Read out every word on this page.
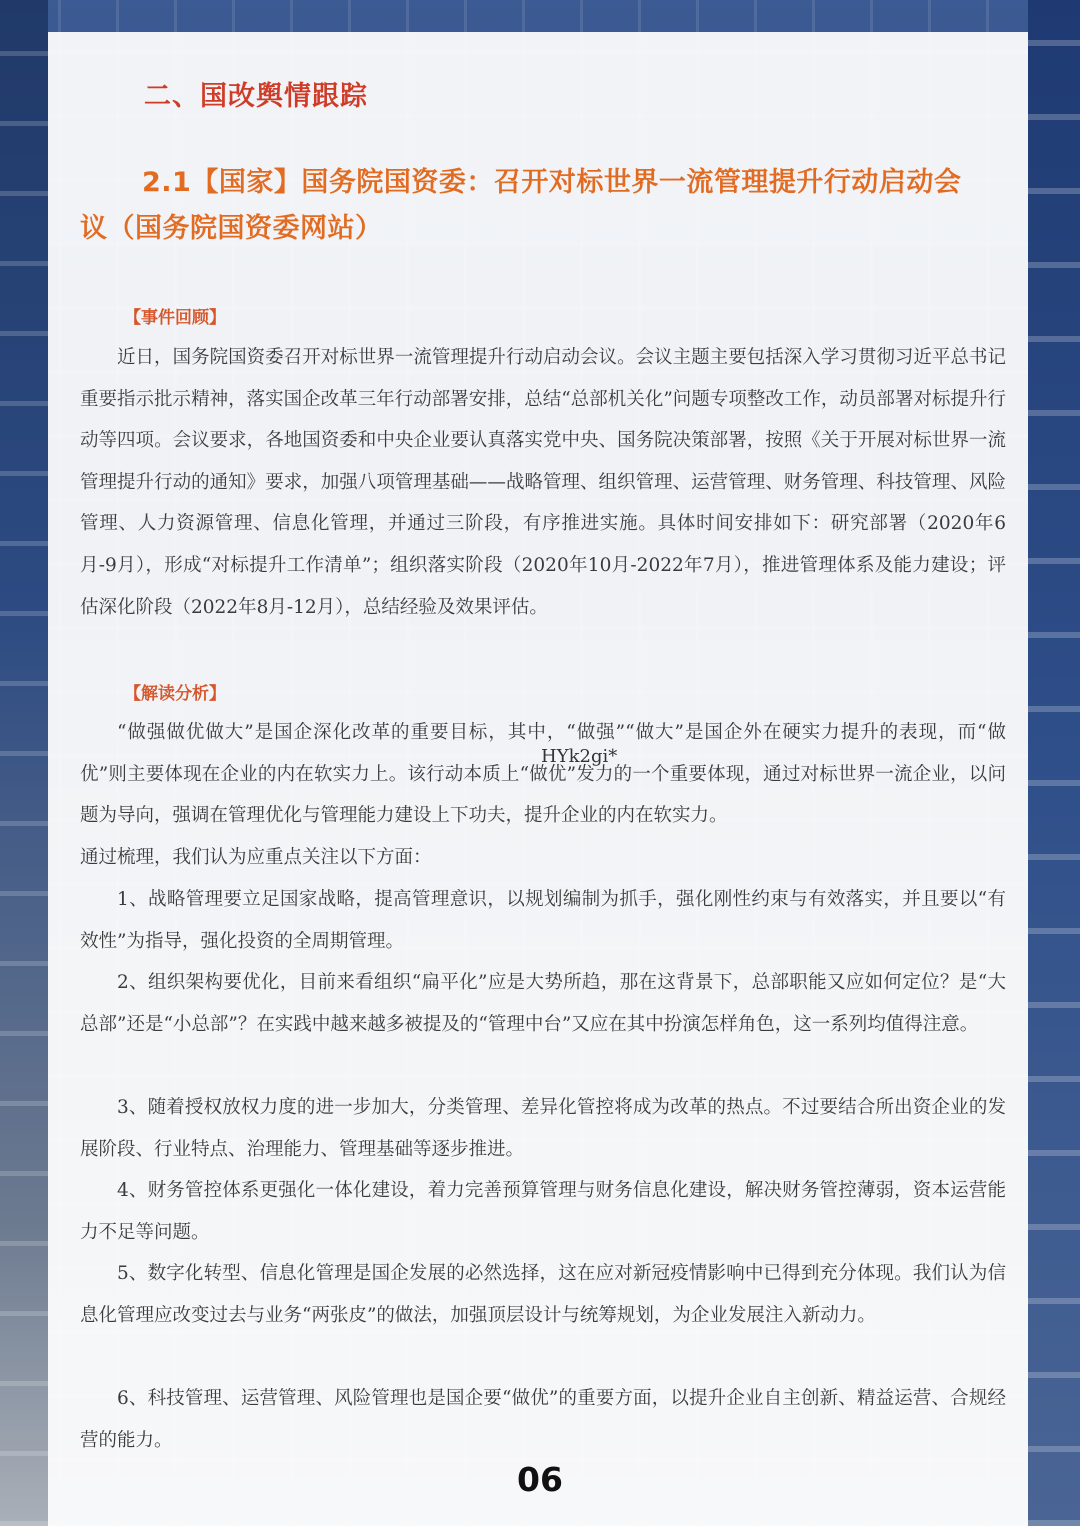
二、国改舆情跟踪
2.1【国家】国务院国资委：召开对标世界一流管理提升行动启动会
议（国务院国资委网站）
【事件回顾】

近日，国务院国资委召开对标世界一流管理提升行动启动会议。会议主题主要包括深入学习贯彻习近平总书记重要指示批示精神，落实国企改革三年行动部署安排，总结“总部机关化”问题专项整改工作，动员部署对标提升行动等四项。会议要求，各地国资委和中央企业要认真落实党中央、国务院决策部署，按照《关于开展对标世界一流管理提升行动的通知》要求，加强八项管理基础——战略管理、组织管理、运营管理、财务管理、科技管理、风险管理、人力资源管理、信息化管理，并通过三阶段，有序推进实施。具体时间安排如下：研究部署（2020年6月-9月），形成“对标提升工作清单”；组织落实阶段（2020年10月-2022年7月），推进管理体系及能力建设；评估深化阶段（2022年8月-12月），总结经验及效果评估。

【解读分析】

“做强做优做大”是国企深化改革的重要目标，其中，“做强”“做大”是国企外在硬实力提升的表现，而“做优”则主要体现在企业的内在软实力上。该行动本质上“做优”发力的一个重要体现，通过对标世界一流企业，以问题为导向，强调在管理优化与管理能力建设上下功夫，提升企业的内在软实力。

HYk2gi*

通过梳理，我们认为应重点关注以下方面：

1、战略管理要立足国家战略，提高管理意识，以规划编制为抓手，强化刚性约束与有效落实，并且要以“有效性”为指导，强化投资的全周期管理。

2、组织架构要优化，目前来看组织“扁平化”应是大势所趋，那在这背景下，总部职能又应如何定位？是“大总部”还是“小总部”？在实践中越来越多被提及的“管理中台”又应在其中扮演怎样角色，这一系列均值得注意。

3、随着授权放权力度的进一步加大，分类管理、差异化管控将成为改革的热点。不过要结合所出资企业的发展阶段、行业特点、治理能力、管理基础等逐步推进。

4、财务管控体系更强化一体化建设，着力完善预算管理与财务信息化建设，解决财务管控薄弱，资本运营能力不足等问题。

5、数字化转型、信息化管理是国企发展的必然选择，这在应对新冠疫情影响中已得到充分体现。我们认为信息化管理应改变过去与业务“两张皮”的做法，加强顶层设计与统筹规划，为企业发展注入新动力。

6、科技管理、运营管理、风险管理也是国企要“做优”的重要方面，以提升企业自主创新、精益运营、合规经营的能力。

06
